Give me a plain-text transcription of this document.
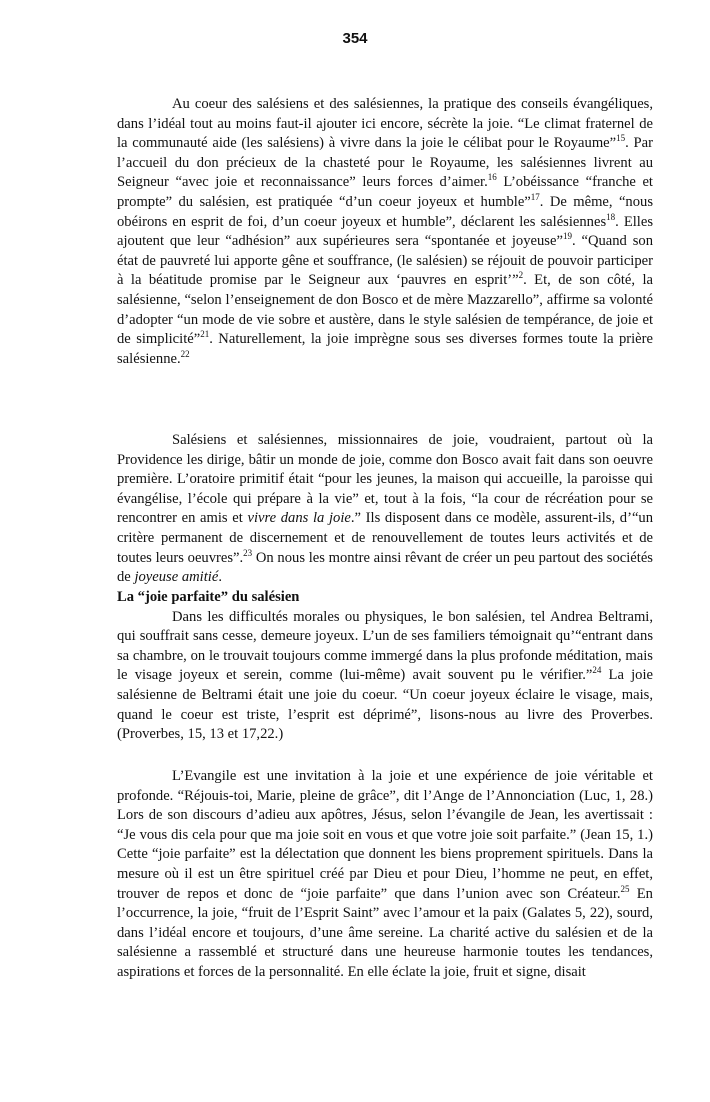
354

Au coeur des salésiens et des salésiennes, la pratique des conseils évangéliques, dans l’idéal tout au moins faut-il ajouter ici encore, sécrète la joie. “Le climat fraternel de la communauté aide (les salésiens) à vivre dans la joie le célibat pour le Royaume”$^{15}$. Par l’accueil du don précieux de la chasteté pour le Royaume, les salésiennes livrent au Seigneur “avec joie et reconnaissance” leurs forces d’aimer.$^{16}$ L’obéissance “franche et prompte” du salésien, est pratiquée “d’un coeur joyeux et humble”$^{17}$. De même, “nous obéirons en esprit de foi, d’un coeur joyeux et humble”, déclarent les salésiennes$^{18}$. Elles ajoutent que leur “adhésion” aux supérieures sera “spontanée et joyeuse”$^{19}$. “Quand son état de pauvreté lui apporte gêne et souffrance, (le salésien) se réjouit de pouvoir participer à la béatitude promise par le Seigneur aux ‘pauvres en esprit’”$^2$. Et, de son côté, la salésienne, “selon l’enseignement de don Bosco et de mère Mazzarello”, affirme sa volonté d’adopter “un mode de vie sobre et austère, dans le style salésien de tempérance, de joie et de simplicité”$^{21}$. Naturellement, la joie imprègne sous ses diverses formes toute la prière salésienne.$^{22}$

Salésiens et salésiennes, missionnaires de joie, voudraient, partout où la Providence les dirige, bâtir un monde de joie, comme don Bosco avait fait dans son oeuvre première. L’oratoire primitif était “pour les jeunes, la maison qui accueille, la paroisse qui évangélise, l’école qui prépare à la vie” et, tout à la fois, “la cour de récréation pour se rencontrer en amis et vivre dans la joie.” Ils disposent dans ce modèle, assurent-ils, d’“un critère permanent de discernement et de renouvellement de toutes leurs activités et de toutes leurs oeuvres”.$^{23}$ On nous les montre ainsi rêvant de créer un peu partout des sociétés de joyeuse amitié.

La “joie parfaite” du salésien

Dans les difficultés morales ou physiques, le bon salésien, tel Andrea Beltrami, qui souffrait sans cesse, demeure joyeux. L’un de ses familiers témoignait qu’“entrant dans sa chambre, on le trouvait toujours comme immergé dans la plus profonde méditation, mais le visage joyeux et serein, comme (lui-même) avait souvent pu le vérifier.”$^{24}$ La joie salésienne de Beltrami était une joie du coeur. “Un coeur joyeux éclaire le visage, mais, quand le coeur est triste, l’esprit est déprimé”, lisons-nous au livre des Proverbes. (Proverbes, 15, 13 et 17,22.)

L’Evangile est une invitation à la joie et une expérience de joie véritable et profonde. “Réjouis-toi, Marie, pleine de grâce”, dit l’Ange de l’Annonciation (Luc, 1, 28.) Lors de son discours d’adieu aux apôtres, Jésus, selon l’évangile de Jean, les avertissait : “Je vous dis cela pour que ma joie soit en vous et que votre joie soit parfaite.” (Jean 15, 1.) Cette “joie parfaite” est la délectation que donnent les biens proprement spirituels. Dans la mesure où il est un être spirituel créé par Dieu et pour Dieu, l’homme ne peut, en effet, trouver de repos et donc de “joie parfaite” que dans l’union avec son Créateur.$^{25}$ En l’occurrence, la joie, “fruit de l’Esprit Saint” avec l’amour et la paix (Galates 5, 22), sourd, dans l’idéal encore et toujours, d’une âme sereine. La charité active du salésien et de la salésienne a rassemblé et structuré dans une heureuse harmonie toutes les tendances, aspirations et forces de la personnalité. En elle éclate la joie, fruit et signe, disait
